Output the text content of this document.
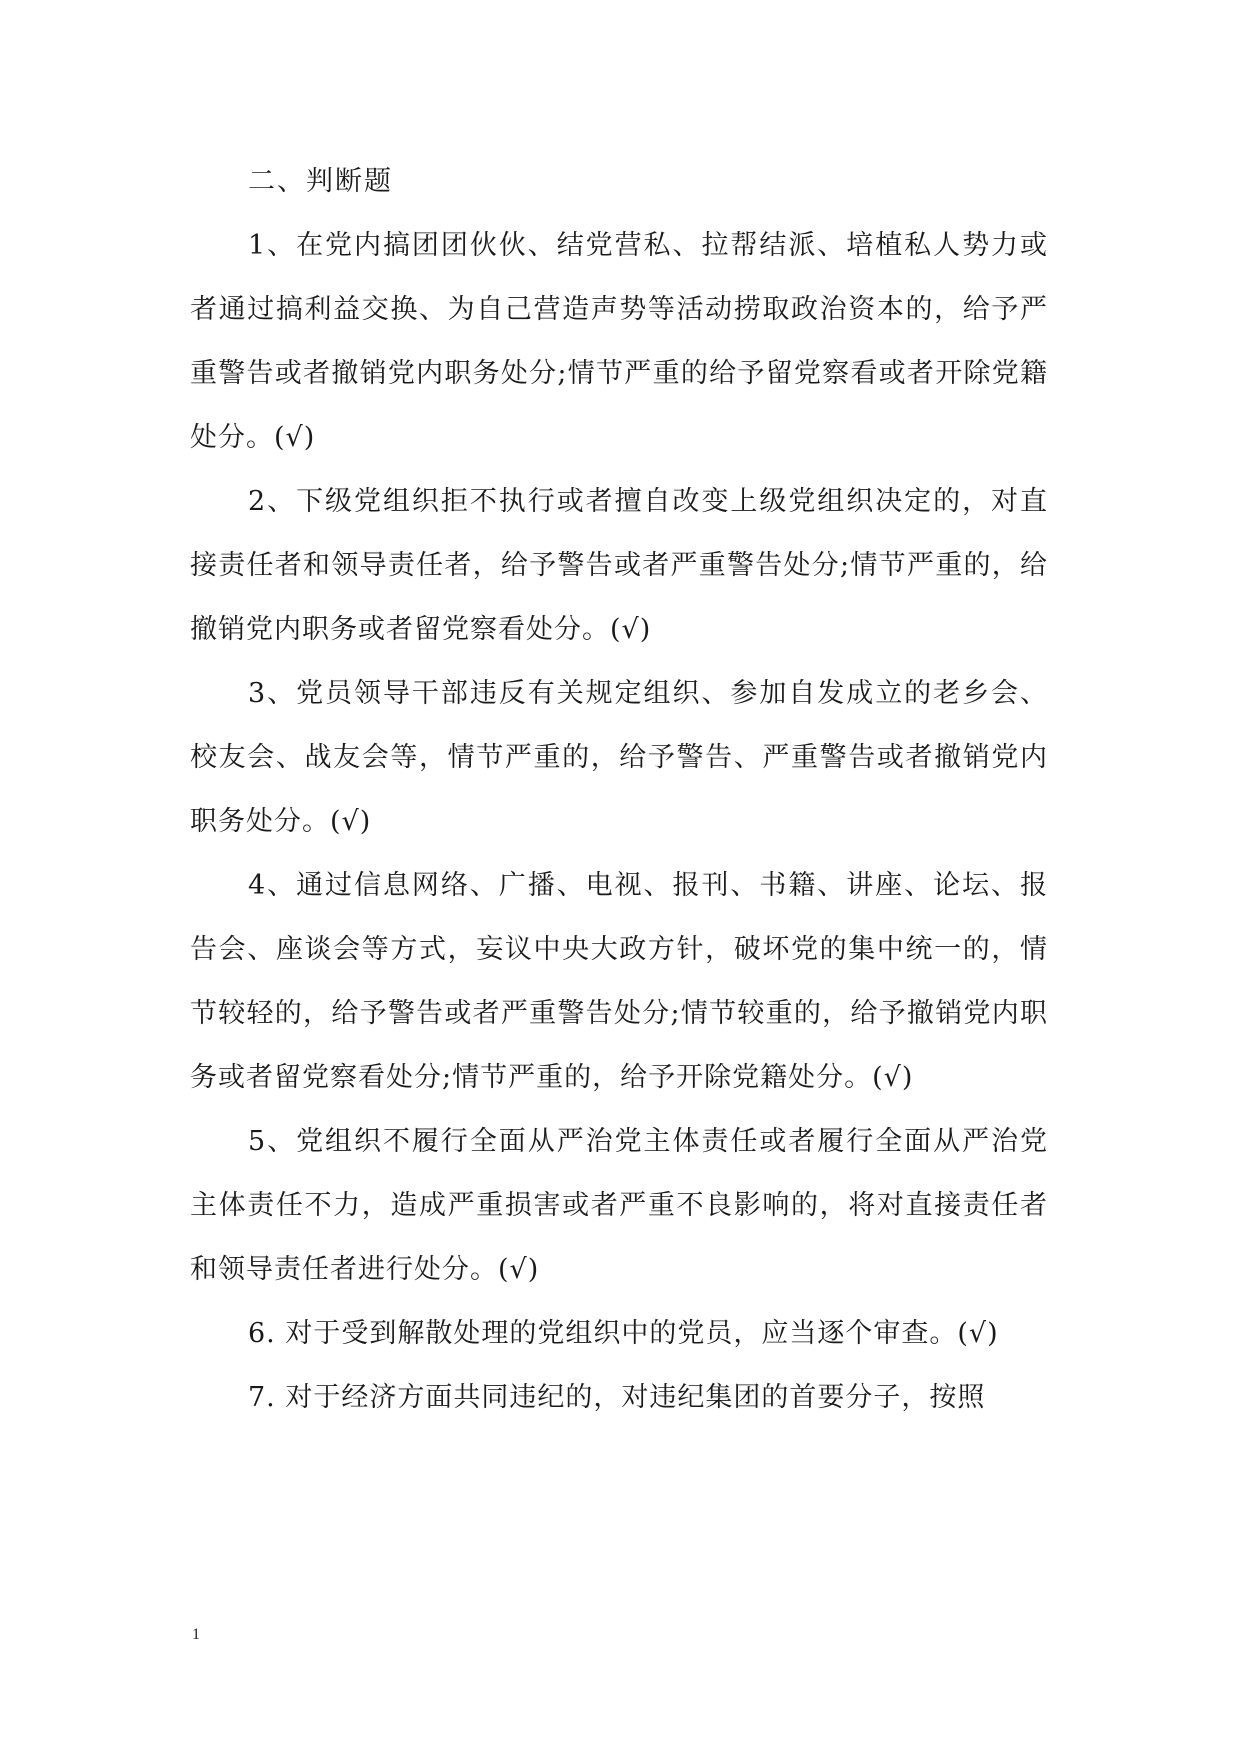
二、判断题

1、在党内搞团团伙伙、结党营私、拉帮结派、培植私人势力或者通过搞利益交换、为自己营造声势等活动捞取政治资本的，给予严重警告或者撤销党内职务处分;情节严重的给予留党察看或者开除党籍处分。(√)

2、下级党组织拒不执行或者擅自改变上级党组织决定的，对直接责任者和领导责任者，给予警告或者严重警告处分;情节严重的，给撤销党内职务或者留党察看处分。(√)

3、党员领导干部违反有关规定组织、参加自发成立的老乡会、校友会、战友会等，情节严重的，给予警告、严重警告或者撤销党内职务处分。(√)

4、通过信息网络、广播、电视、报刊、书籍、讲座、论坛、报告会、座谈会等方式，妄议中央大政方针，破坏党的集中统一的，情节较轻的，给予警告或者严重警告处分;情节较重的，给予撤销党内职务或者留党察看处分;情节严重的，给予开除党籍处分。(√)

5、党组织不履行全面从严治党主体责任或者履行全面从严治党主体责任不力，造成严重损害或者严重不良影响的，将对直接责任者和领导责任者进行处分。(√)

6. 对于受到解散处理的党组织中的党员，应当逐个审查。(√)

7. 对于经济方面共同违纪的，对违纪集团的首要分子，按照

1
